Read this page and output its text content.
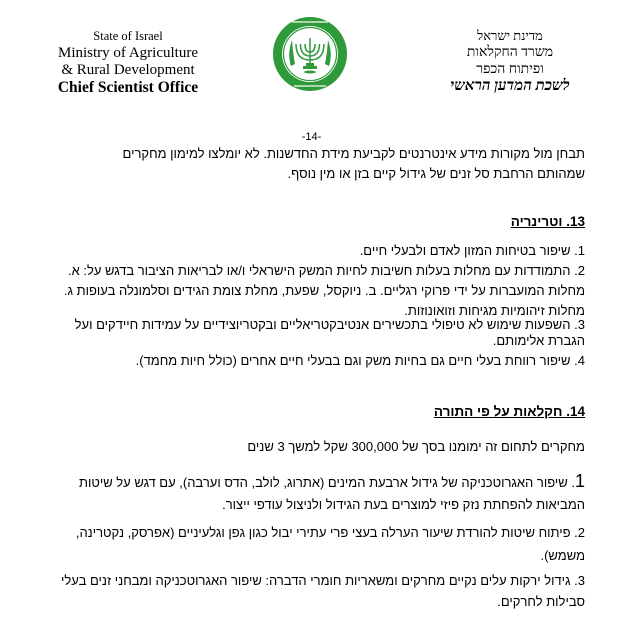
State of Israel
Ministry of Agriculture
& Rural Development
Chief Scientist Office
מדינת ישראל
משרד החקלאות
ופיתוח הכפר
לשכת המדען הראשי
-14-
תבחן מול מקורות מידע אינטרנטים לקביעת מידת החדשנות. לא יומלצו למימון מחקרים
שמהותם הרחבת סל זנים של גידול קיים בזן או מין נוסף.
13. וטרינריה
1. שיפור בטיחות המזון לאדם ולבעלי חיים.
2. התמודדות עם מחלות בעלות חשיבות לחיות המשק הישראלי ו/או לבריאות הציבור בדגש על: א.
מחלות המועברות על ידי פרוקי רגליים. ב. ניוקסל, שפעת, מחלת צומת הגידים וסלמונלה בעופות ג.
מחלות זיהומיות מגיחות וזואונוזות.
3. השפעות שימוש לא טיפולי בתכשירים אנטיבקטריאליים ובקטריוצידיים על עמידות חיידקים ועל
הגברת אלימותם.
4. שיפור רווחת בעלי חיים גם בחיות משק וגם בבעלי חיים אחרים (כולל חיות מחמד).
14. חקלאות על פי התורה
מחקרים לתחום זה ימומנו בסך של 300,000 שקל למשך 3 שנים
1. שיפור האגרוטכניקה של גידול ארבעת המינים (אתרוג, לולב, הדס וערבה), עם דגש על שיטות
המביאות להפחתת נזק פיזי למוצרים בעת הגידול ולניצול עודפי ייצור.
2. פיתוח שיטות להורדת שיעור הערלה בעצי פרי עתירי יבול כגון גפן וגלעיניים (אפרסק, נקטרינה,
משמש).
3. גידול ירקות עלים נקיים מחרקים ומשאריות חומרי הדברה: שיפור האגרוטכניקה ומבחני זנים בעלי
סבילות לחרקים.
